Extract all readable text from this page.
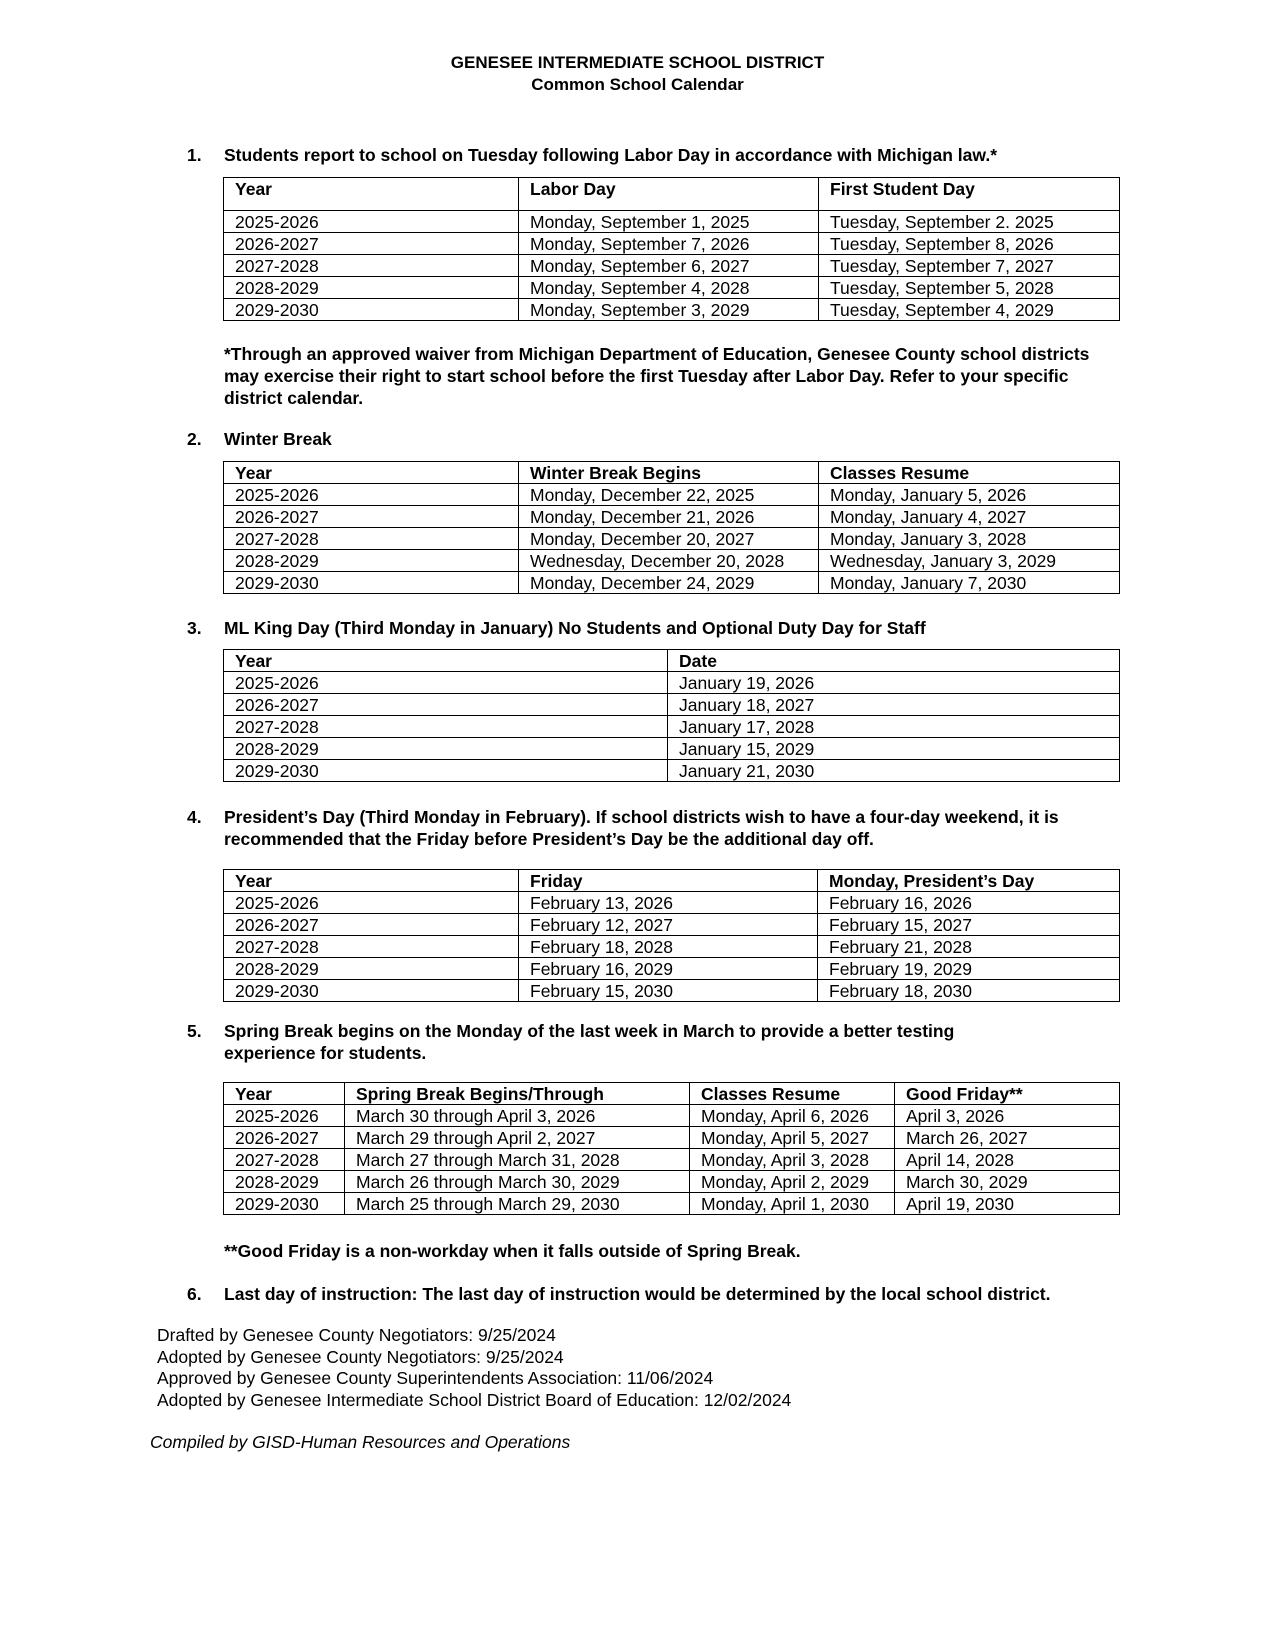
GENESEE INTERMEDIATE SCHOOL DISTRICT
Common School Calendar
1. Students report to school on Tuesday following Labor Day in accordance with Michigan law.*
Year	Labor Day	First Student Day
2025-2026	Monday, September 1, 2025	Tuesday, September 2. 2025
2026-2027	Monday, September 7, 2026	Tuesday, September 8, 2026
2027-2028	Monday, September 6, 2027	Tuesday, September 7, 2027
2028-2029	Monday, September 4, 2028	Tuesday, September 5, 2028
2029-2030	Monday, September 3, 2029	Tuesday, September 4, 2029
*Through an approved waiver from Michigan Department of Education, Genesee County school districts may exercise their right to start school before the first Tuesday after Labor Day. Refer to your specific district calendar.
2. Winter Break
Year	Winter Break Begins	Classes Resume
2025-2026	Monday, December 22, 2025	Monday, January 5, 2026
2026-2027	Monday, December 21, 2026	Monday, January 4, 2027
2027-2028	Monday, December 20, 2027	Monday, January 3, 2028
2028-2029	Wednesday, December 20, 2028	Wednesday, January 3, 2029
2029-2030	Monday, December 24, 2029	Monday, January 7, 2030
3. ML King Day (Third Monday in January) No Students and Optional Duty Day for Staff
Year	Date
2025-2026	January 19, 2026
2026-2027	January 18, 2027
2027-2028	January 17, 2028
2028-2029	January 15, 2029
2029-2030	January 21, 2030
4. President’s Day (Third Monday in February). If school districts wish to have a four-day weekend, it is recommended that the Friday before President’s Day be the additional day off.
Year	Friday	Monday, President’s Day
2025-2026	February 13, 2026	February 16, 2026
2026-2027	February 12, 2027	February 15, 2027
2027-2028	February 18, 2028	February 21, 2028
2028-2029	February 16, 2029	February 19, 2029
2029-2030	February 15, 2030	February 18, 2030
5. Spring Break begins on the Monday of the last week in March to provide a better testing experience for students.
Year	Spring Break Begins/Through	Classes Resume	Good Friday**
2025-2026	March 30 through April 3, 2026	Monday, April 6, 2026	April 3, 2026
2026-2027	March 29 through April 2, 2027	Monday, April 5, 2027	March 26, 2027
2027-2028	March 27 through March 31, 2028	Monday, April 3, 2028	April 14, 2028
2028-2029	March 26 through March 30, 2029	Monday, April 2, 2029	March 30, 2029
2029-2030	March 25 through March 29, 2030	Monday, April 1, 2030	April 19, 2030
**Good Friday is a non-workday when it falls outside of Spring Break.
6. Last day of instruction: The last day of instruction would be determined by the local school district.
Drafted by Genesee County Negotiators: 9/25/2024
Adopted by Genesee County Negotiators: 9/25/2024
Approved by Genesee County Superintendents Association: 11/06/2024
Adopted by Genesee Intermediate School District Board of Education: 12/02/2024
Compiled by GISD-Human Resources and Operations
